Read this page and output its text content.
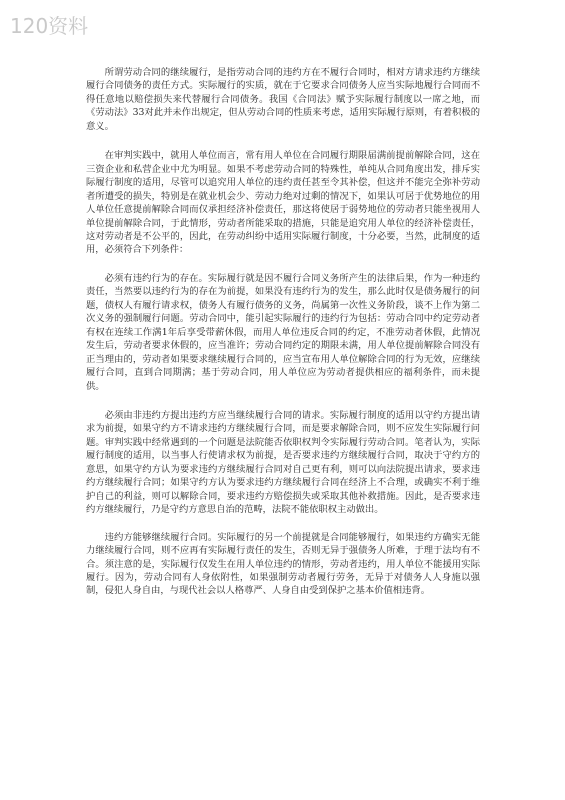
120资料

所谓劳动合同的继续履行，是指劳动合同的违约方在不履行合同时，相对方请求违约方继续履行合同债务的责任方式。实际履行的实质，就在于它要求合同债务人应当实际地履行合同而不得任意地以赔偿损失来代替履行合同债务。我国《合同法》赋予实际履行制度以一席之地，而《劳动法》33对此并未作出规定，但从劳动合同的性质来考虑，适用实际履行原则，有着积极的意义。

在审判实践中，就用人单位而言，常有用人单位在合同履行期限届满前提前解除合同，这在三资企业和私营企业中尤为明显。如果不考虑劳动合同的特殊性，单纯从合同角度出发，排斥实际履行制度的适用，尽管可以追究用人单位的违约责任甚至令其补偿，但这并不能完全弥补劳动者所遭受的损失，特别是在就业机会少、劳动力绝对过剩的情况下，如果认可居于优势地位的用人单位任意提前解除合同而仅承担经济补偿责任，那这将使居于弱势地位的劳动者只能坐视用人单位提前解除合同，于此情形，劳动者所能采取的措施，只能是追究用人单位的经济补偿责任，这对劳动者是不公平的，因此，在劳动纠纷中适用实际履行制度，十分必要，当然，此制度的适用，必须符合下列条件：

必须有违约行为的存在。实际履行就是因不履行合同义务所产生的法律后果，作为一种违约责任，当然要以违约行为的存在为前提，如果没有违约行为的发生，那么此时仅是债务履行的问题，债权人有履行请求权，债务人有履行债务的义务，尚属第一次性义务阶段，谈不上作为第二次义务的强制履行问题。劳动合同中，能引起实际履行的违约行为包括：劳动合同中约定劳动者有权在连续工作满1年后享受带薪休假，而用人单位违反合同的约定，不准劳动者休假，此情况发生后，劳动者要求休假的，应当准许；劳动合同约定的期限未满，用人单位提前解除合同没有正当理由的，劳动者如果要求继续履行合同的，应当宣布用人单位解除合同的行为无效，应继续履行合同，直到合同期满；基于劳动合同，用人单位应为劳动者提供相应的福利条件，而未提供。

必须由非违约方提出违约方应当继续履行合同的请求。实际履行制度的适用以守约方提出请求为前提，如果守约方不请求违约方继续履行合同，而是要求解除合同，则不应发生实际履行问题。审判实践中经常遇到的一个问题是法院能否依职权判令实际履行劳动合同。笔者认为，实际履行制度的适用，以当事人行使请求权为前提，是否要求违约方继续履行合同，取决于守约方的意思，如果守约方认为要求违约方继续履行合同对自己更有利，则可以向法院提出请求，要求违约方继续履行合同；如果守约方认为要求违约方继续履行合同在经济上不合理，或确实不利于维护自己的利益，则可以解除合同，要求违约方赔偿损失或采取其他补救措施。因此，是否要求违约方继续履行，乃是守约方意思自治的范畴，法院不能依职权主动做出。

违约方能够继续履行合同。实际履行的另一个前提就是合同能够履行，如果违约方确实无能力继续履行合同，则不应再有实际履行责任的发生，否则无异于强债务人所难，于理于法均有不合。须注意的是，实际履行仅发生在用人单位违约的情形，劳动者违约，用人单位不能援用实际履行。因为，劳动合同有人身依附性，如果强制劳动者履行劳务，无异于对债务人人身施以强制，侵犯人身自由，与现代社会以人格尊严、人身自由受到保护之基本价值相违背。
